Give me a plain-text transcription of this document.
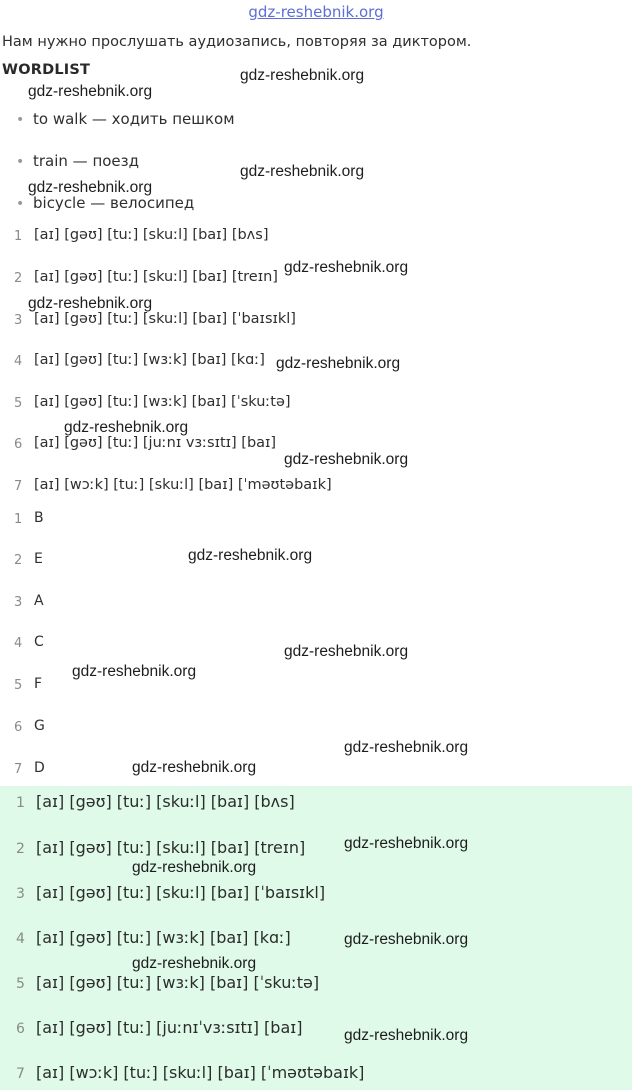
gdz-reshebnik.org
Нам нужно прослушать аудиозапись, повторяя за диктором.
WORDLIST
• to walk — ходить пешком
• train — поезд
• bicycle — велосипед
1 [aɪ] [gəʊ] [tuː] [skuːl] [baɪ] [bʌs]
2 [aɪ] [gəʊ] [tuː] [skuːl] [baɪ] [treɪn]
3 [aɪ] [gəʊ] [tuː] [skuːl] [baɪ] [ˈbaɪsɪkl]
4 [aɪ] [gəʊ] [tuː] [wɜːk] [baɪ] [kɑː]
5 [aɪ] [gəʊ] [tuː] [wɜːk] [baɪ] [ˈskuːtə]
6 [aɪ] [gəʊ] [tuː] [juːnɪ vɜːsɪtɪ] [baɪ]
7 [aɪ] [wɔːk] [tuː] [skuːl] [baɪ] [ˈməʊtəbaɪk]
1 B
2 E
3 A
4 C
5 F
6 G
7 D
1 [aɪ] [gəʊ] [tuː] [skuːl] [baɪ] [bʌs]
2 [aɪ] [gəʊ] [tuː] [skuːl] [baɪ] [treɪn]
3 [aɪ] [gəʊ] [tuː] [skuːl] [baɪ] [ˈbaɪsɪkl]
4 [aɪ] [gəʊ] [tuː] [wɜːk] [baɪ] [kɑː]
5 [aɪ] [gəʊ] [tuː] [wɜːk] [baɪ] [ˈskuːtə]
6 [aɪ] [gəʊ] [tuː] [juːnɪˈvɜːsɪtɪ] [baɪ]
7 [aɪ] [wɔːk] [tuː] [skuːl] [baɪ] [ˈməʊtəbaɪk]
gdz-reshebnik.org
gdz-reshebnik.org
gdz-reshebnik.org
gdz-reshebnik.org
gdz-reshebnik.org
gdz-reshebnik.org
gdz-reshebnik.org
gdz-reshebnik.org
gdz-reshebnik.org
gdz-reshebnik.org
gdz-reshebnik.org
gdz-reshebnik.org
gdz-reshebnik.org
gdz-reshebnik.org
gdz-reshebnik.org
gdz-reshebnik.org
gdz-reshebnik.org
gdz-reshebnik.org
gdz-reshebnik.org
